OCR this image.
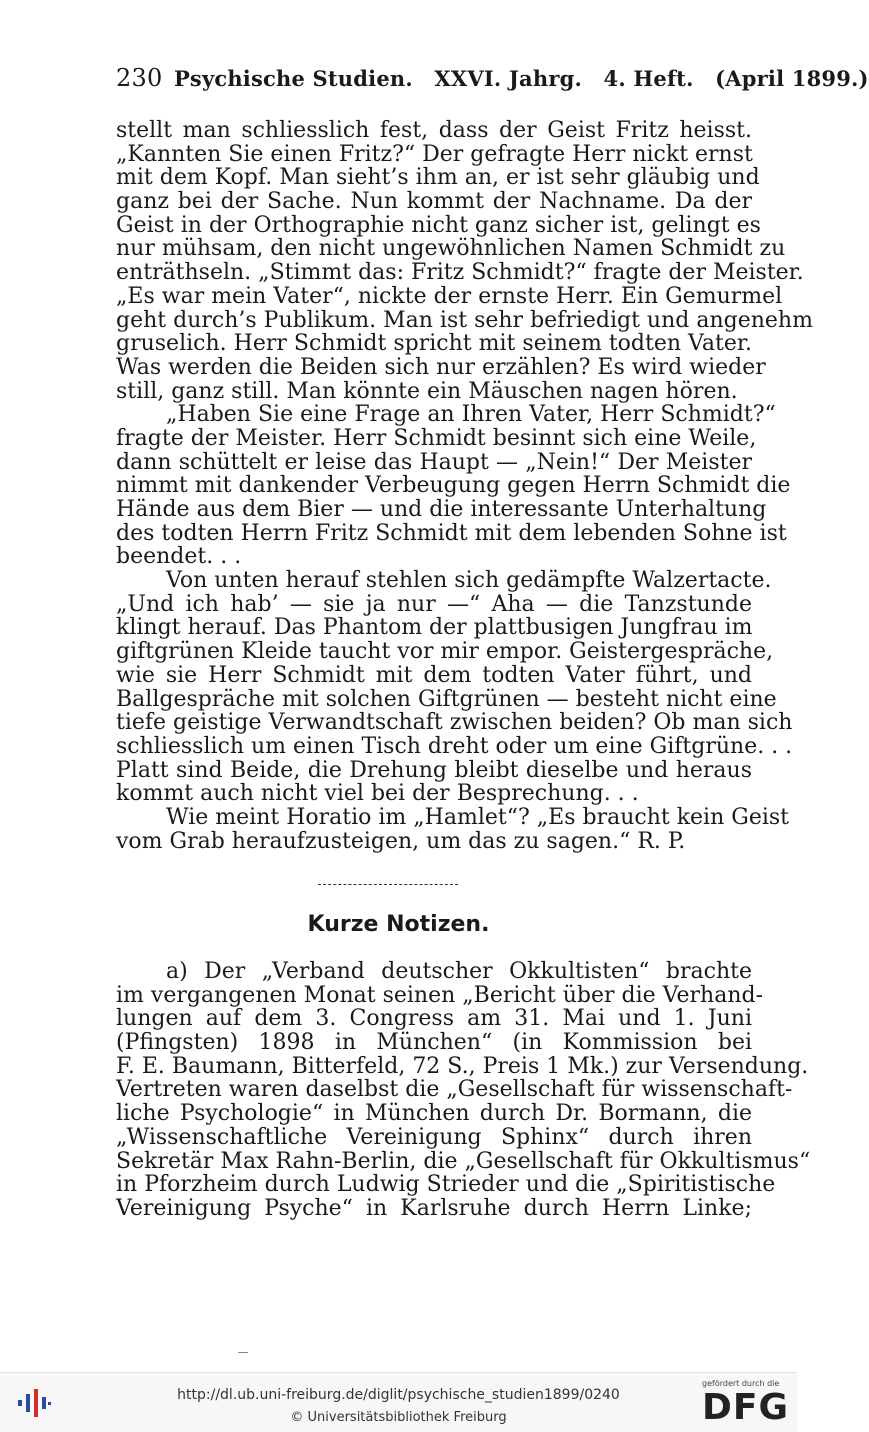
230 Psychische Studien. XXVI. Jahrg. 4. Heft. (April 1899.)
stellt man schliesslich fest, dass der Geist Fritz heisst.
„Kannten Sie einen Fritz?“ Der gefragte Herr nickt ernst
mit dem Kopf. Man sieht’s ihm an, er ist sehr gläubig und
ganz bei der Sache. Nun kommt der Nachname. Da der
Geist in der Orthographie nicht ganz sicher ist, gelingt es
nur mühsam, den nicht ungewöhnlichen Namen Schmidt zu
enträthseln. „Stimmt das: Fritz Schmidt?“ fragte der Meister.
„Es war mein Vater“, nickte der ernste Herr. Ein Gemurmel
geht durch’s Publikum. Man ist sehr befriedigt und angenehm
gruselich. Herr Schmidt spricht mit seinem todten Vater.
Was werden die Beiden sich nur erzählen? Es wird wieder
still, ganz still. Man könnte ein Mäuschen nagen hören.
„Haben Sie eine Frage an Ihren Vater, Herr Schmidt?“
fragte der Meister. Herr Schmidt besinnt sich eine Weile,
dann schüttelt er leise das Haupt — „Nein!“ Der Meister
nimmt mit dankender Verbeugung gegen Herrn Schmidt die
Hände aus dem Bier — und die interessante Unterhaltung
des todten Herrn Fritz Schmidt mit dem lebenden Sohne ist
beendet. . .
Von unten herauf stehlen sich gedämpfte Walzertacte.
„Und ich hab’ — sie ja nur —“ Aha — die Tanzstunde
klingt herauf. Das Phantom der plattbusigen Jungfrau im
giftgrünen Kleide taucht vor mir empor. Geistergespräche,
wie sie Herr Schmidt mit dem todten Vater führt, und
Ballgespräche mit solchen Giftgrünen — besteht nicht eine
tiefe geistige Verwandtschaft zwischen beiden? Ob man sich
schliesslich um einen Tisch dreht oder um eine Giftgrüne. . .
Platt sind Beide, die Drehung bleibt dieselbe und heraus
kommt auch nicht viel bei der Besprechung. . .
Wie meint Horatio im „Hamlet“? „Es braucht kein Geist
vom Grab heraufzusteigen, um das zu sagen.“ R. P.
Kurze Notizen.
a) Der „Verband deutscher Okkultisten“ brachte
im vergangenen Monat seinen „Bericht über die Verhand-
lungen auf dem 3. Congress am 31. Mai und 1. Juni
(Pfingsten) 1898 in München“ (in Kommission bei
F. E. Baumann, Bitterfeld, 72 S., Preis 1 Mk.) zur Versendung.
Vertreten waren daselbst die „Gesellschaft für wissenschaft-
liche Psychologie“ in München durch Dr. Bormann, die
„Wissenschaftliche Vereinigung Sphinx“ durch ihren
Sekretär Max Rahn-Berlin, die „Gesellschaft für Okkultismus“
in Pforzheim durch Ludwig Strieder und die „Spiritistische
Vereinigung Psyche“ in Karlsruhe durch Herrn Linke;
http://dl.ub.uni-freiburg.de/diglit/psychische_studien1899/0240
© Universitätsbibliothek Freiburg
gefördert durch die
DFG
